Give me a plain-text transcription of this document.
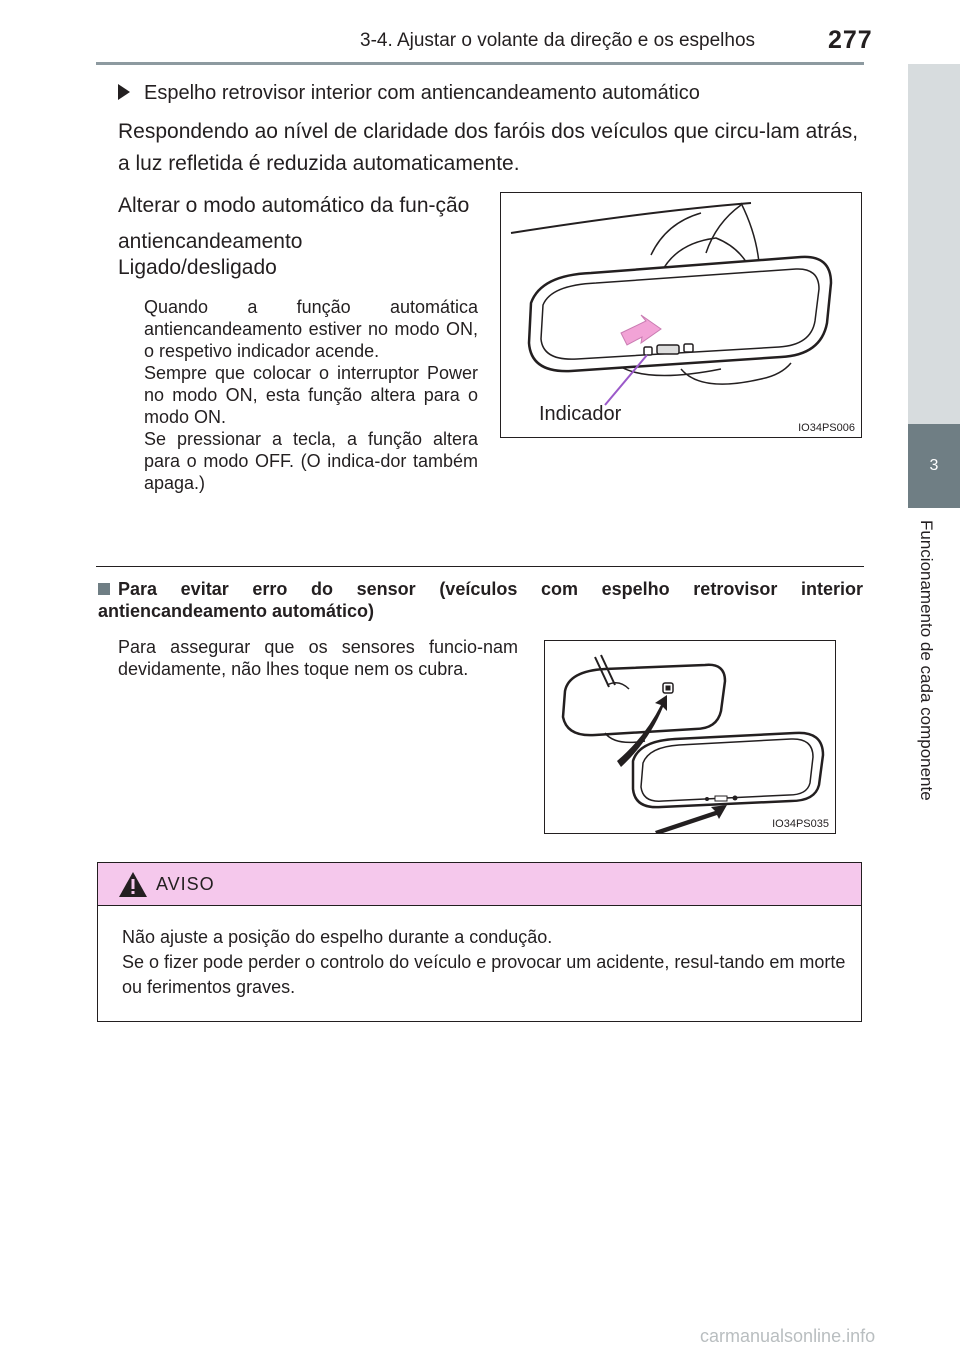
3-4. Ajustar o volante da direção e os espelhos	277
3
Funcionamento de cada componente
Espelho retrovisor interior com antiencandeamento automático
Respondendo ao nível de claridade dos faróis dos veículos que circu-lam atrás, a luz refletida é reduzida automaticamente.
Alterar o modo automático da fun-ção antiencandeamento
Ligado/desligado
Quando a função automática antiencandeamento estiver no modo ON, o respetivo indicador acende.
Sempre que colocar o interruptor Power no modo ON, esta função altera para o modo ON.
Se pressionar a tecla, a função altera para o modo OFF. (O indica-dor também apaga.)
Indicador
IO34PS006
Para evitar erro do sensor (veículos com espelho retrovisor interior antiencandeamento automático)
Para assegurar que os sensores funcio-nam devidamente, não lhes toque nem os cubra.
IO34PS035
AVISO
Não ajuste a posição do espelho durante a condução.
Se o fizer pode perder o controlo do veículo e provocar um acidente, resul-tando em morte ou ferimentos graves.
carmanualsonline.info
